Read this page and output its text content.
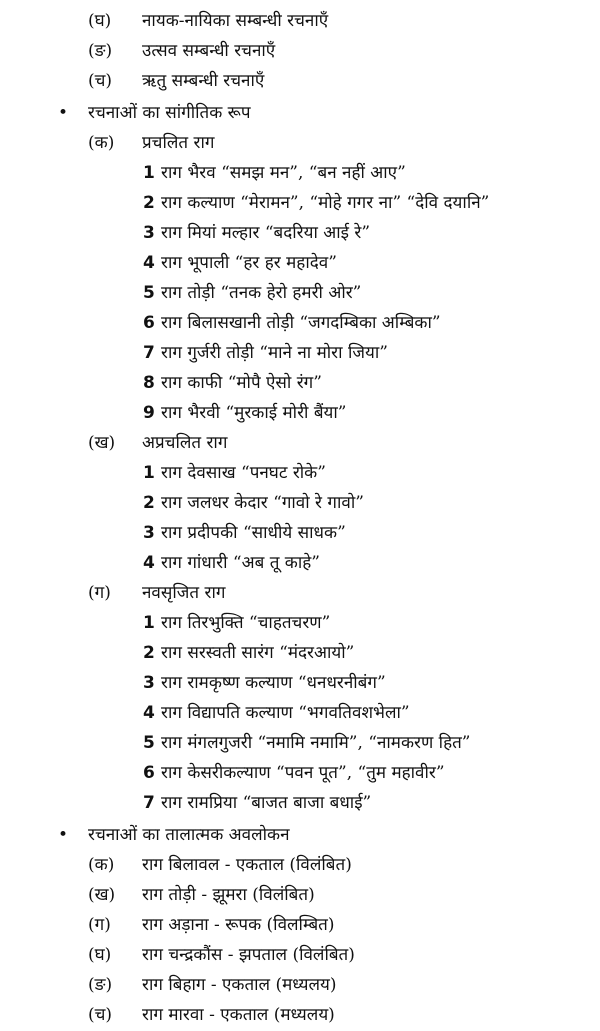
(घ) नायक-नायिका सम्बन्धी रचनाऍं
(ङ) उत्सव सम्बन्धी रचनाऍं
(च) ऋतु सम्बन्धी रचनाऍं
• रचनाओं का सांगीतिक रूप
(क) प्रचलित राग
1 राग भैरव “समझ मन”, “बन नहीं आए”
2 राग कल्याण “मेरामन”, “मोहे गगर ना” “देवि दयानि”
3 राग मियां मल्हार “बदरिया आई रे”
4 राग भूपाली “हर हर महादेव”
5 राग तोड़ी “तनक हेरो हमरी ओर”
6 राग बिलासखानी तोड़ी “जगदम्बिका अम्बिका”
7 राग गुर्जरी तोड़ी “माने ना मोरा जिया”
8 राग काफी “मोपै ऐसो रंग”
9 राग भैरवी “मुरकाई मोरी बैंया”
(ख) अप्रचलित राग
1 राग देवसाख “पनघट रोके”
2 राग जलधर केदार “गावो रे गावो”
3 राग प्रदीपकी “साधीये साधक”
4 राग गांधारी “अब तू काहे”
(ग) नवसृजित राग
1 राग तिरभुक्ति “चाहतचरण”
2 राग सरस्वती सारंग “मंदरआयो”
3 राग रामकृष्ण कल्याण “धनधरनीबंग”
4 राग विद्यापति कल्याण “भगवतिवशभेला”
5 राग मंगलगुजरी “नमामि नमामि”, “नामकरण हित”
6 राग केसरीकल्याण “पवन पूत”, “तुम महावीर”
7 राग रामप्रिया “बाजत बाजा बधाई”
• रचनाओं का तालात्मक अवलोकन
(क) राग बिलावल - एकताल (विलंबित)
(ख) राग तोड़ी - झूमरा (विलंबित)
(ग) राग अड़ाना - रूपक (विलम्बित)
(घ) राग चन्द्रकौंस - झपताल (विलंबित)
(ङ) राग बिहाग - एकताल (मध्यलय)
(च) राग मारवा - एकताल (मध्यलय)
